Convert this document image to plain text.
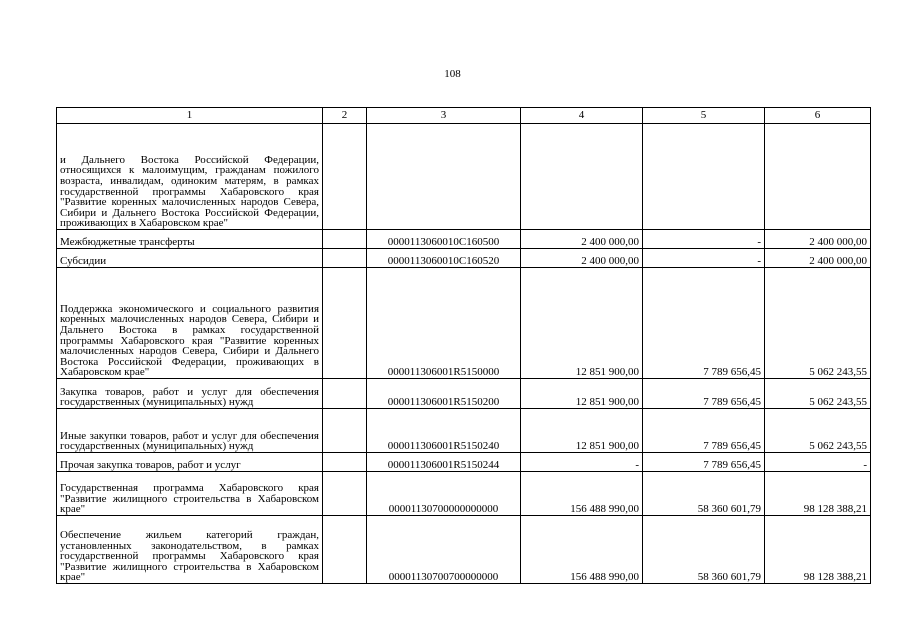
108
1	2	3	4	5	6
и Дальнего Востока Российской Федерации, относящихся к малоимущим, гражданам пожилого возраста, инвалидам, одиноким матерям, в рамках государственной программы Хабаровского края "Развитие коренных малочисленных народов Севера, Сибири и Дальнего Востока Российской Федерации, проживающих в Хабаровском крае"					
Межбюджетные трансферты		0000113060010С160500	2 400 000,00	-	2 400 000,00
Субсидии		0000113060010С160520	2 400 000,00	-	2 400 000,00
Поддержка экономического и социального развития коренных малочисленных народов Севера, Сибири и Дальнего Востока в рамках государственной программы Хабаровского края "Развитие коренных малочисленных народов Севера, Сибири и Дальнего Востока Российской Федерации, проживающих в Хабаровском крае"		000011306001R5150000	12 851 900,00	7 789 656,45	5 062 243,55
Закупка товаров, работ и услуг для обеспечения государственных (муниципальных) нужд		000011306001R5150200	12 851 900,00	7 789 656,45	5 062 243,55
Иные закупки товаров, работ и услуг для обеспечения государственных (муниципальных) нужд		000011306001R5150240	12 851 900,00	7 789 656,45	5 062 243,55
Прочая закупка товаров, работ и услуг		000011306001R5150244	-	7 789 656,45	-
Государственная программа Хабаровского края "Развитие жилищного строительства в Хабаровском крае"		00001130700000000000	156 488 990,00	58 360 601,79	98 128 388,21
Обеспечение жильем категорий граждан, установленных законодательством, в рамках государственной программы Хабаровского края "Развитие жилищного строительства в Хабаровском крае"		00001130700700000000	156 488 990,00	58 360 601,79	98 128 388,21
